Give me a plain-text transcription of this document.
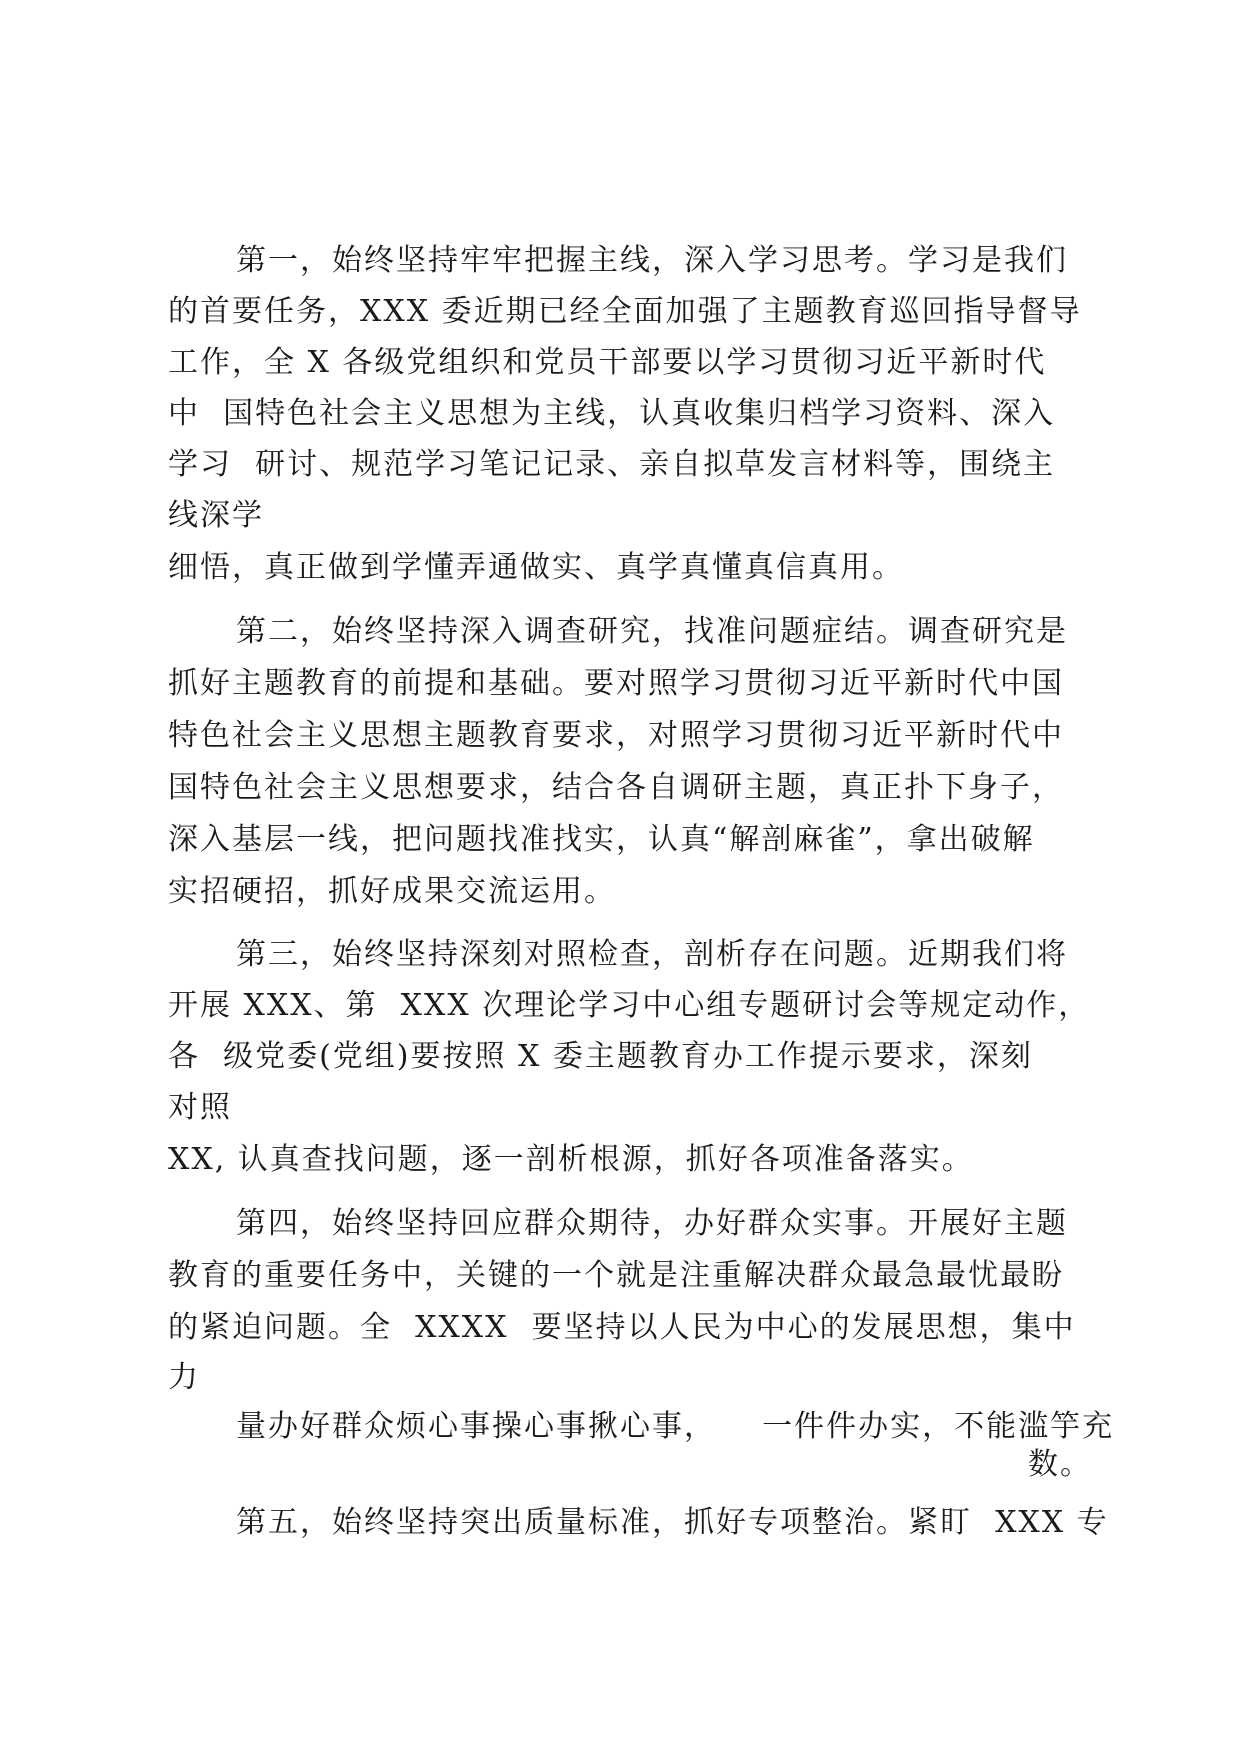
第一，始终坚持牢牢把握主线，深入学习思考。学习是我们
的首要任务，XXX 委近期已经全面加强了主题教育巡回指导督导
工作，全 X 各级党组织和党员干部要以学习贯彻习近平新时代
中  国特色社会主义思想为主线，认真收集归档学习资料、深入
学习  研讨、规范学习笔记记录、亲自拟草发言材料等，围绕主
线深学
细悟，真正做到学懂弄通做实、真学真懂真信真用。
第二，始终坚持深入调查研究，找准问题症结。调查研究是
抓好主题教育的前提和基础。要对照学习贯彻习近平新时代中国
特色社会主义思想主题教育要求，对照学习贯彻习近平新时代中
国特色社会主义思想要求，结合各自调研主题，真正扑下身子，
深入基层一线，把问题找准找实，认真“解剖麻雀”，拿出破解
实招硬招，抓好成果交流运用。
第三，始终坚持深刻对照检查，剖析存在问题。近期我们将
开展 XXX、第  XXX 次理论学习中心组专题研讨会等规定动作，
各  级党委(党组)要按照 X 委主题教育办工作提示要求，深刻
对照
XX, 认真查找问题，逐一剖析根源，抓好各项准备落实。
第四，始终坚持回应群众期待，办好群众实事。开展好主题
教育的重要任务中，关键的一个就是注重解决群众最急最忧最盼
的紧迫问题。全  XXXX  要坚持以人民为中心的发展思想，集中
力
量办好群众烦心事操心事揪心事，    一件件办实，不能滥竽充
数。
第五，始终坚持突出质量标准，抓好专项整治。紧盯  XXX 专
